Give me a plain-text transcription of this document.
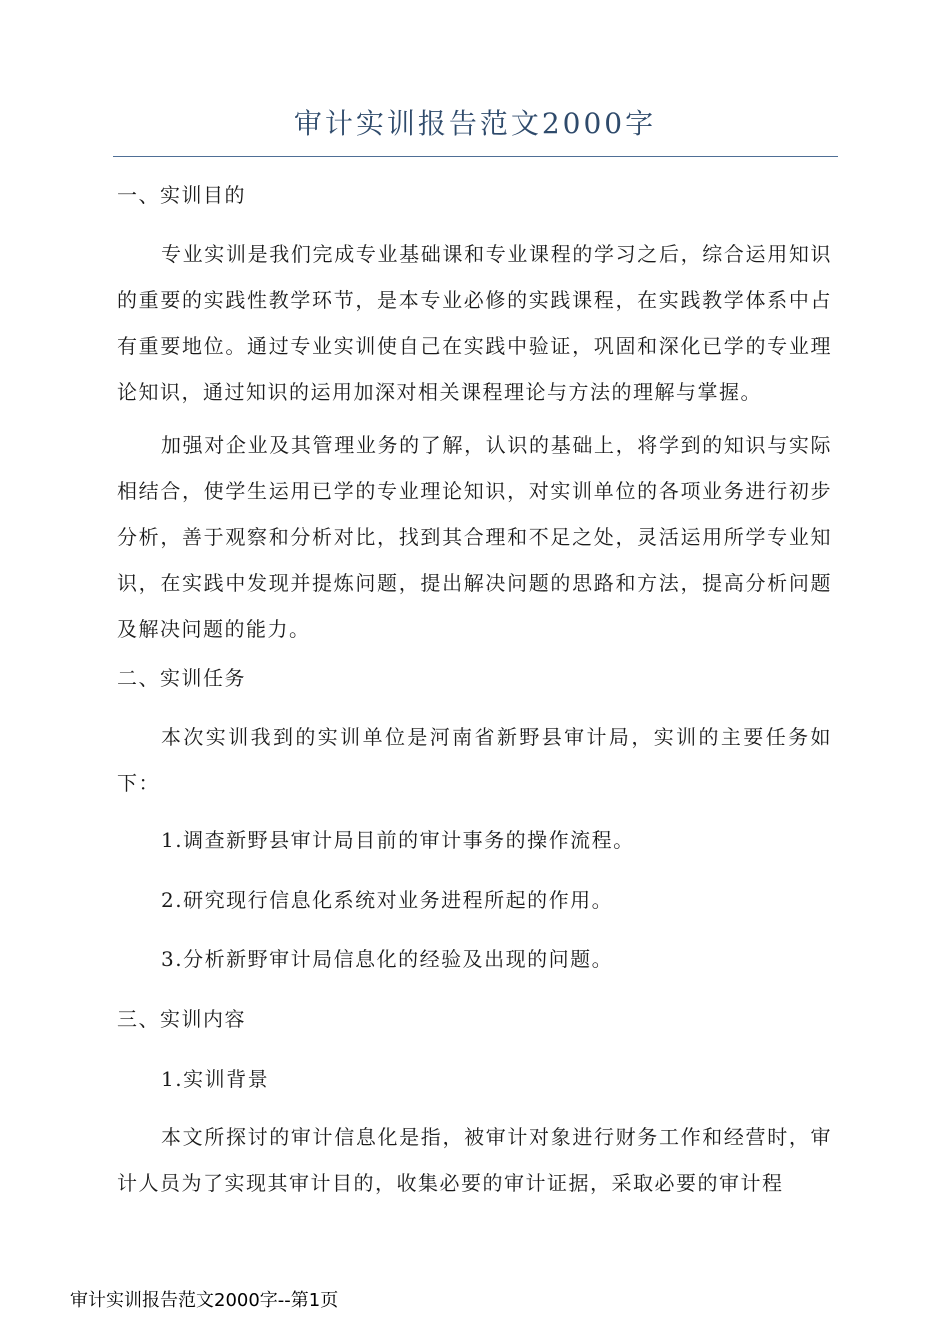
审计实训报告范文2000字

一、实训目的

专业实训是我们完成专业基础课和专业课程的学习之后，综合运用知识的重要的实践性教学环节，是本专业必修的实践课程，在实践教学体系中占有重要地位。通过专业实训使自己在实践中验证，巩固和深化已学的专业理论知识，通过知识的运用加深对相关课程理论与方法的理解与掌握。

加强对企业及其管理业务的了解，认识的基础上，将学到的知识与实际相结合，使学生运用已学的专业理论知识，对实训单位的各项业务进行初步分析，善于观察和分析对比，找到其合理和不足之处，灵活运用所学专业知识，在实践中发现并提炼问题，提出解决问题的思路和方法，提高分析问题及解决问题的能力。

二、实训任务

本次实训我到的实训单位是河南省新野县审计局，实训的主要任务如下：

1.调查新野县审计局目前的审计事务的操作流程。

2.研究现行信息化系统对业务进程所起的作用。

3.分析新野审计局信息化的经验及出现的问题。

三、实训内容

1.实训背景

本文所探讨的审计信息化是指，被审计对象进行财务工作和经营时，审计人员为了实现其审计目的，收集必要的审计证据，采取必要的审计程

审计实训报告范文2000字--第1页
